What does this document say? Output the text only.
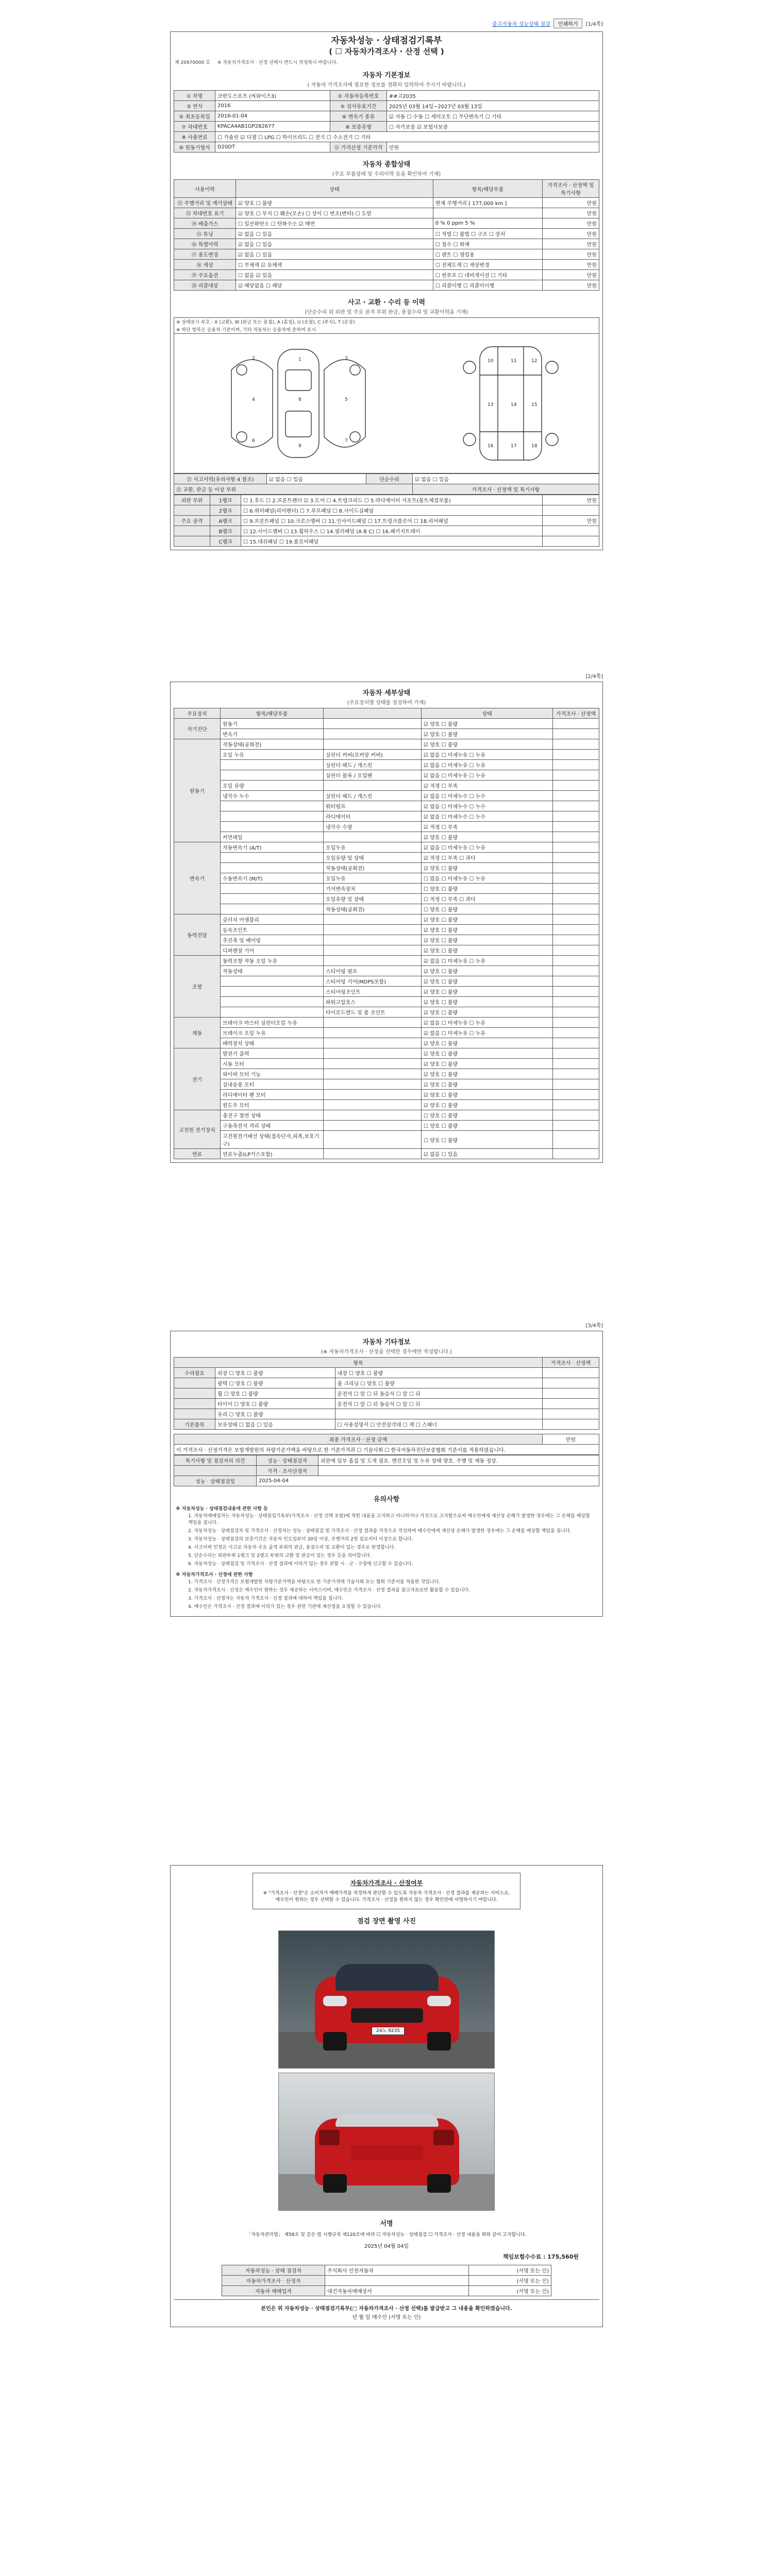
중고자동차 성능상태 점검	인쇄하기	[1/4쪽]
자동차성능 · 상태점검기록부
( ☐ 자동차가격조사 · 산정 선택 )
제 20970000 호 ※ 자동차가격조사 · 산정 선택시 반드시 작성하시 바랍니다.
자동차 기본정보
( 자동차 가격조사에 필요한 정보를 정확히 입력하여 주시기 바랍니다.)
① 차명	코란도스포츠 (씨와이즈3)	② 자동차등록번호	##고2035
③ 연식	2016	④ 검사유효기간	2025년 03월 14일~2027년 03월 13일
⑤ 최초등록일	2016-01-04	⑥ 변속기 종류	☑ 자동 ☐ 수동 ☐ 세미오토 ☐ 무단변속기 ☐ 기타
⑦ 차대번호	KPACA4AB1GP282677	⑧ 보증유형	☐ 자가보증 ☑ 보험사보증
⑨ 사용연료	☐ 가솔린 ☑ 디젤 ☐ LPG ☐ 하이브리드 ☐ 전기 ☐ 수소전기 ☐ 기타		
⑩ 원동기형식	D20DT	⑪ 가격산정 기준가격	만원
자동차 종합상태
(주요 부품상태 및 수리이력 등을 확인하여 기재)
사용이력	상태	항목/해당부품	가격조사 · 산정액 및 특기사항
⑫ 주행거리 및 계기상태	☑ 양호 ☐ 불량	현재 주행거리 [ 177,000 km ]	만원
⑬ 차대번호 표기	☑ 양호 ☐ 부식 ☐ 훼손(오손) ☐ 상이 ☐ 변조(변타) ☐ 도말		만원
⑭ 배출가스	☐ 일산화탄소 ☐ 탄화수소 ☑ 매연	0 % 0 ppm 5 %	만원
⑮ 튜닝	☑ 없음 ☐ 있음	☐ 적법 ☐ 불법 ☐ 구조 ☐ 장치	만원
⑯ 특별이력	☑ 없음 ☐ 있음	☐ 침수 ☐ 화재	만원
⑰ 용도변경	☑ 없음 ☐ 있음	☐ 렌트 ☐ 영업용	만원
⑱ 색상	☐ 무채색 ☑ 유채색	☐ 전체도색 ☐ 색상변경	만원
⑲ 주요옵션	☐ 없음 ☑ 있음	☐ 썬루프 ☐ 네비게이션 ☐ 기타	만원
⑳ 리콜대상	☑ 해당없음 ☐ 해당	☐ 리콜이행 ☐ 리콜미이행	만원
사고 · 교환 · 수리 등 이력
(단순수리 외 외판 및 주요 골격 부위 판금, 용접수리 및 교환이력을 기재)
※ 상태표시 부호 : X (교환), W (판금 또는 용접), A (흠집), U (요철), C (부식), T (손상)
※ 하단 항목은 승용차 기준이며, 기타 자동차는 승용차에 준하여 표시
1
2	3
4	5
6	7
8
9
10	11	12
13	14	15
16	17	18
㉑ 사고이력(유의사항 4 참조)	☑ 없음 ☐ 있음	단순수리	☑ 없음 ☐ 있음
㉒ 교환, 판금 등 이상 부위			가격조사 · 산정액 및 특기사항
외판 부위	1랭크	☐ 1.후드 ☐ 2.프론트펜더 ☑ 3.도어 ☐ 4.트렁크리드 ☐ 5.라디에이터 서포트(볼트체결부품)	만원
	2랭크	☐ 6.쿼터패널(리어펜더) ☐ 7.루프패널 ☐ 8.사이드실패널	
주요 골격	A랭크	☐ 9.프론트패널 ☐ 10.크로스멤버 ☐ 11.인사이드패널 ☐ 17.트렁크플로어 ☐ 18.리어패널	만원
	B랭크	☐ 12.사이드멤버 ☐ 13.휠하우스 ☐ 14.필러패널 (A B C) ☐ 16.패키지트레이	
	C랭크	☐ 15.대쉬패널 ☐ 19.플로어패널	
[2/4쪽]
자동차 세부상태
(주요장치별 상태를 점검하여 기재)
주요장치	항목/해당부품		상태	가격조사 · 산정액
자기진단	원동기		☑ 양호 ☐ 불량	
	변속기		☑ 양호 ☐ 불량	
원동기	작동상태(공회전)		☑ 양호 ☐ 불량	
	오일 누유	실린더 커버(로커암 커버)	☑ 없음 ☐ 미세누유 ☐ 누유	
		실린더 헤드 / 개스킷	☑ 없음 ☐ 미세누유 ☐ 누유	
		실린더 블록 / 오일팬	☑ 없음 ☐ 미세누유 ☐ 누유	
	오일 유량		☑ 적정 ☐ 부족	
	냉각수 누수	실린더 헤드 / 개스킷	☑ 없음 ☐ 미세누수 ☐ 누수	
		워터펌프	☑ 없음 ☐ 미세누수 ☐ 누수	
		라디에이터	☑ 없음 ☐ 미세누수 ☐ 누수	
		냉각수 수량	☑ 적정 ☐ 부족	
	커먼레일		☑ 양호 ☐ 불량	
변속기	자동변속기 (A/T)	오일누유	☑ 없음 ☐ 미세누유 ☐ 누유	
		오일유량 및 상태	☑ 적정 ☐ 부족 ☐ 과다	
		작동상태(공회전)	☑ 양호 ☐ 불량	
	수동변속기 (M/T)	오일누유	☐ 없음 ☐ 미세누유 ☐ 누유	
		기어변속장치	☐ 양호 ☐ 불량	
		오일유량 및 상태	☐ 적정 ☐ 부족 ☐ 과다	
		작동상태(공회전)	☐ 양호 ☐ 불량	
동력전달	클러치 어셈블리		☑ 양호 ☐ 불량	
	등속조인트		☑ 양호 ☐ 불량	
	추진축 및 베어링		☑ 양호 ☐ 불량	
	디퍼렌셜 기어		☑ 양호 ☐ 불량	
조향	동력조향 작동 오일 누유		☑ 없음 ☐ 미세누유 ☐ 누유	
	작동상태	스티어링 펌프	☑ 양호 ☐ 불량	
		스티어링 기어(MDPS포함)	☑ 양호 ☐ 불량	
		스티어링조인트	☑ 양호 ☐ 불량	
		파워고압호스	☑ 양호 ☐ 불량	
		타이로드엔드 및 볼 조인트	☑ 양호 ☐ 불량	
제동	브레이크 마스터 실린더오일 누유		☑ 없음 ☐ 미세누유 ☐ 누유	
	브레이크 오일 누유		☑ 없음 ☐ 미세누유 ☐ 누유	
	배력장치 상태		☑ 양호 ☐ 불량	
전기	발전기 출력		☑ 양호 ☐ 불량	
	시동 모터		☑ 양호 ☐ 불량	
	와이퍼 모터 기능		☑ 양호 ☐ 불량	
	실내송풍 모터		☑ 양호 ☐ 불량	
	라디에이터 팬 모터		☑ 양호 ☐ 불량	
	윈도우 모터		☑ 양호 ☐ 불량	
고전원 전기장치	충전구 절연 상태		☐ 양호 ☐ 불량	
	구동축전지 격리 상태		☐ 양호 ☐ 불량	
	고전원전기배선 상태(접속단자,피복,보호기구)		☐ 양호 ☐ 불량	
연료	연료누출(LP가스포함)		☑ 없음 ☐ 있음	
[3/4쪽]
자동차 기타정보
(※ 자동차가격조사 · 산정을 선택한 경우에만 작성합니다.)
항목			가격조사 · 산정액
수리필요	외장 ☐ 양호 ☐ 불량	내장 ☐ 양호 ☐ 불량	
	광택 ☐ 양호 ☐ 불량	룸 크리닝 ☐ 양호 ☐ 불량	
	휠 ☐ 양호 ☐ 불량	운전석 ☐ 앞 ☐ 뒤 동승석 ☐ 앞 ☐ 뒤	
	타이어 ☐ 양호 ☐ 불량	운전석 ☐ 앞 ☐ 뒤 동승석 ☐ 앞 ☐ 뒤	
	유리 ☐ 양호 ☐ 불량		
기본품목	보유상태 ☐ 없음 ☐ 있음	☐ 사용설명서 ☐ 안전삼각대 ☐ 잭 ☐ 스패너	
최종 가격조사 · 산정 금액	만원
이 가격조사 · 산정가격은 보험개발원의 차량기준가액을 바탕으로 한 기준가격과 ☐ 기술사회 ☐ 한국자동차진단보증협회 기준서를 적용하였습니다.
특기사항 및 점검자의 의견	성능 · 상태점검자	외관에 일부 흠집 및 도색 필요. 엔진오일 및 누유 상태 양호. 주행 및 제동 정상.
	가격 · 조사산정자	
성능 · 상태점검일	2025-04-04	
유의사항
※ 자동차성능 · 상태점검내용에 관한 사항 등

1. 자동차매매업자는 자동차성능 · 상태점검기록부(가격조사 · 산정 선택 포함)에 적힌 내용을 고지하고 아니하거나 거짓으로 고지함으로써 매수인에게 재산상 손해가 발생한 경우에는 그 손해를 배상할 책임을 집니다.

2. 자동차성능 · 상태점검자 및 가격조사 · 산정자는 성능 · 상태점검 및 가격조사 · 산정 결과를 거짓으로 작성하여 매수인에게 재산상 손해가 발생한 경우에는 그 손해를 배상할 책임을 집니다.

3. 자동차성능 · 상태점검의 보증기간은 자동차 인도일부터 30일 이상, 주행거리 2천 킬로미터 이상으로 합니다.

4. 사고이력 인정은 사고로 자동차 주요 골격 부위의 판금, 용접수리 및 교환이 있는 경우로 한정합니다.

5. 단순수리는 외판부위 1랭크 및 2랭크 부위의 교환 및 판금이 있는 경우 등을 의미합니다.

6. 자동차성능 · 상태점검 및 가격조사 · 산정 결과에 이의가 있는 경우 관할 시 · 군 · 구청에 신고할 수 있습니다.

※ 자동차가격조사 · 산정에 관한 사항

1. 가격조사 · 산정가격은 보험개발원 차량기준가액을 바탕으로 한 기준가격에 기술사회 또는 협회 기준서를 적용한 것입니다.

2. 자동차가격조사 · 산정은 매수인이 원하는 경우 제공하는 서비스이며, 매수인은 가격조사 · 산정 결과를 참고자료로만 활용할 수 있습니다.

3. 가격조사 · 산정자는 자동차 가격조사 · 산정 결과에 대하여 책임을 집니다.

4. 매수인은 가격조사 · 산정 결과에 이의가 있는 경우 관련 기관에 재산정을 요청할 수 있습니다.

자동차가격조사 · 산정여부
※ "가격조사 · 산정"은 소비자가 매매가격을 적정하게 판단할 수 있도록 자동차 가격조사 · 산정 결과를 제공하는 서비스로, 매수인이 원하는 경우 선택할 수 있습니다. 가격조사 · 산정을 원하지 않는 경우 확인란에 서명하시기 바랍니다.
점검 장면 촬영 사진
24노 9235
서명
「자동차관리법」 제58조 및 같은 법 시행규칙 제120조에 따라 ☐ 자동차성능 · 상태점검 ☐ 가격조사 · 산정 내용을 위와 같이 고지합니다.
2025년 04월 04일
책임보험수수료 : 175,560원
자동차성능 · 상태 점검자	주식회사 인천자동차	(서명 또는 인)
자동차가격조사 · 산정자		(서명 또는 인)
자동차 매매업자	대건자동차매매상사	(서명 또는 인)
본인은 위 자동차성능 · 상태점검기록부(□ 자동차가격조사 · 산정 선택)를 발급받고 그 내용을 확인하였습니다.
년 월 일 매수인 (서명 또는 인)
